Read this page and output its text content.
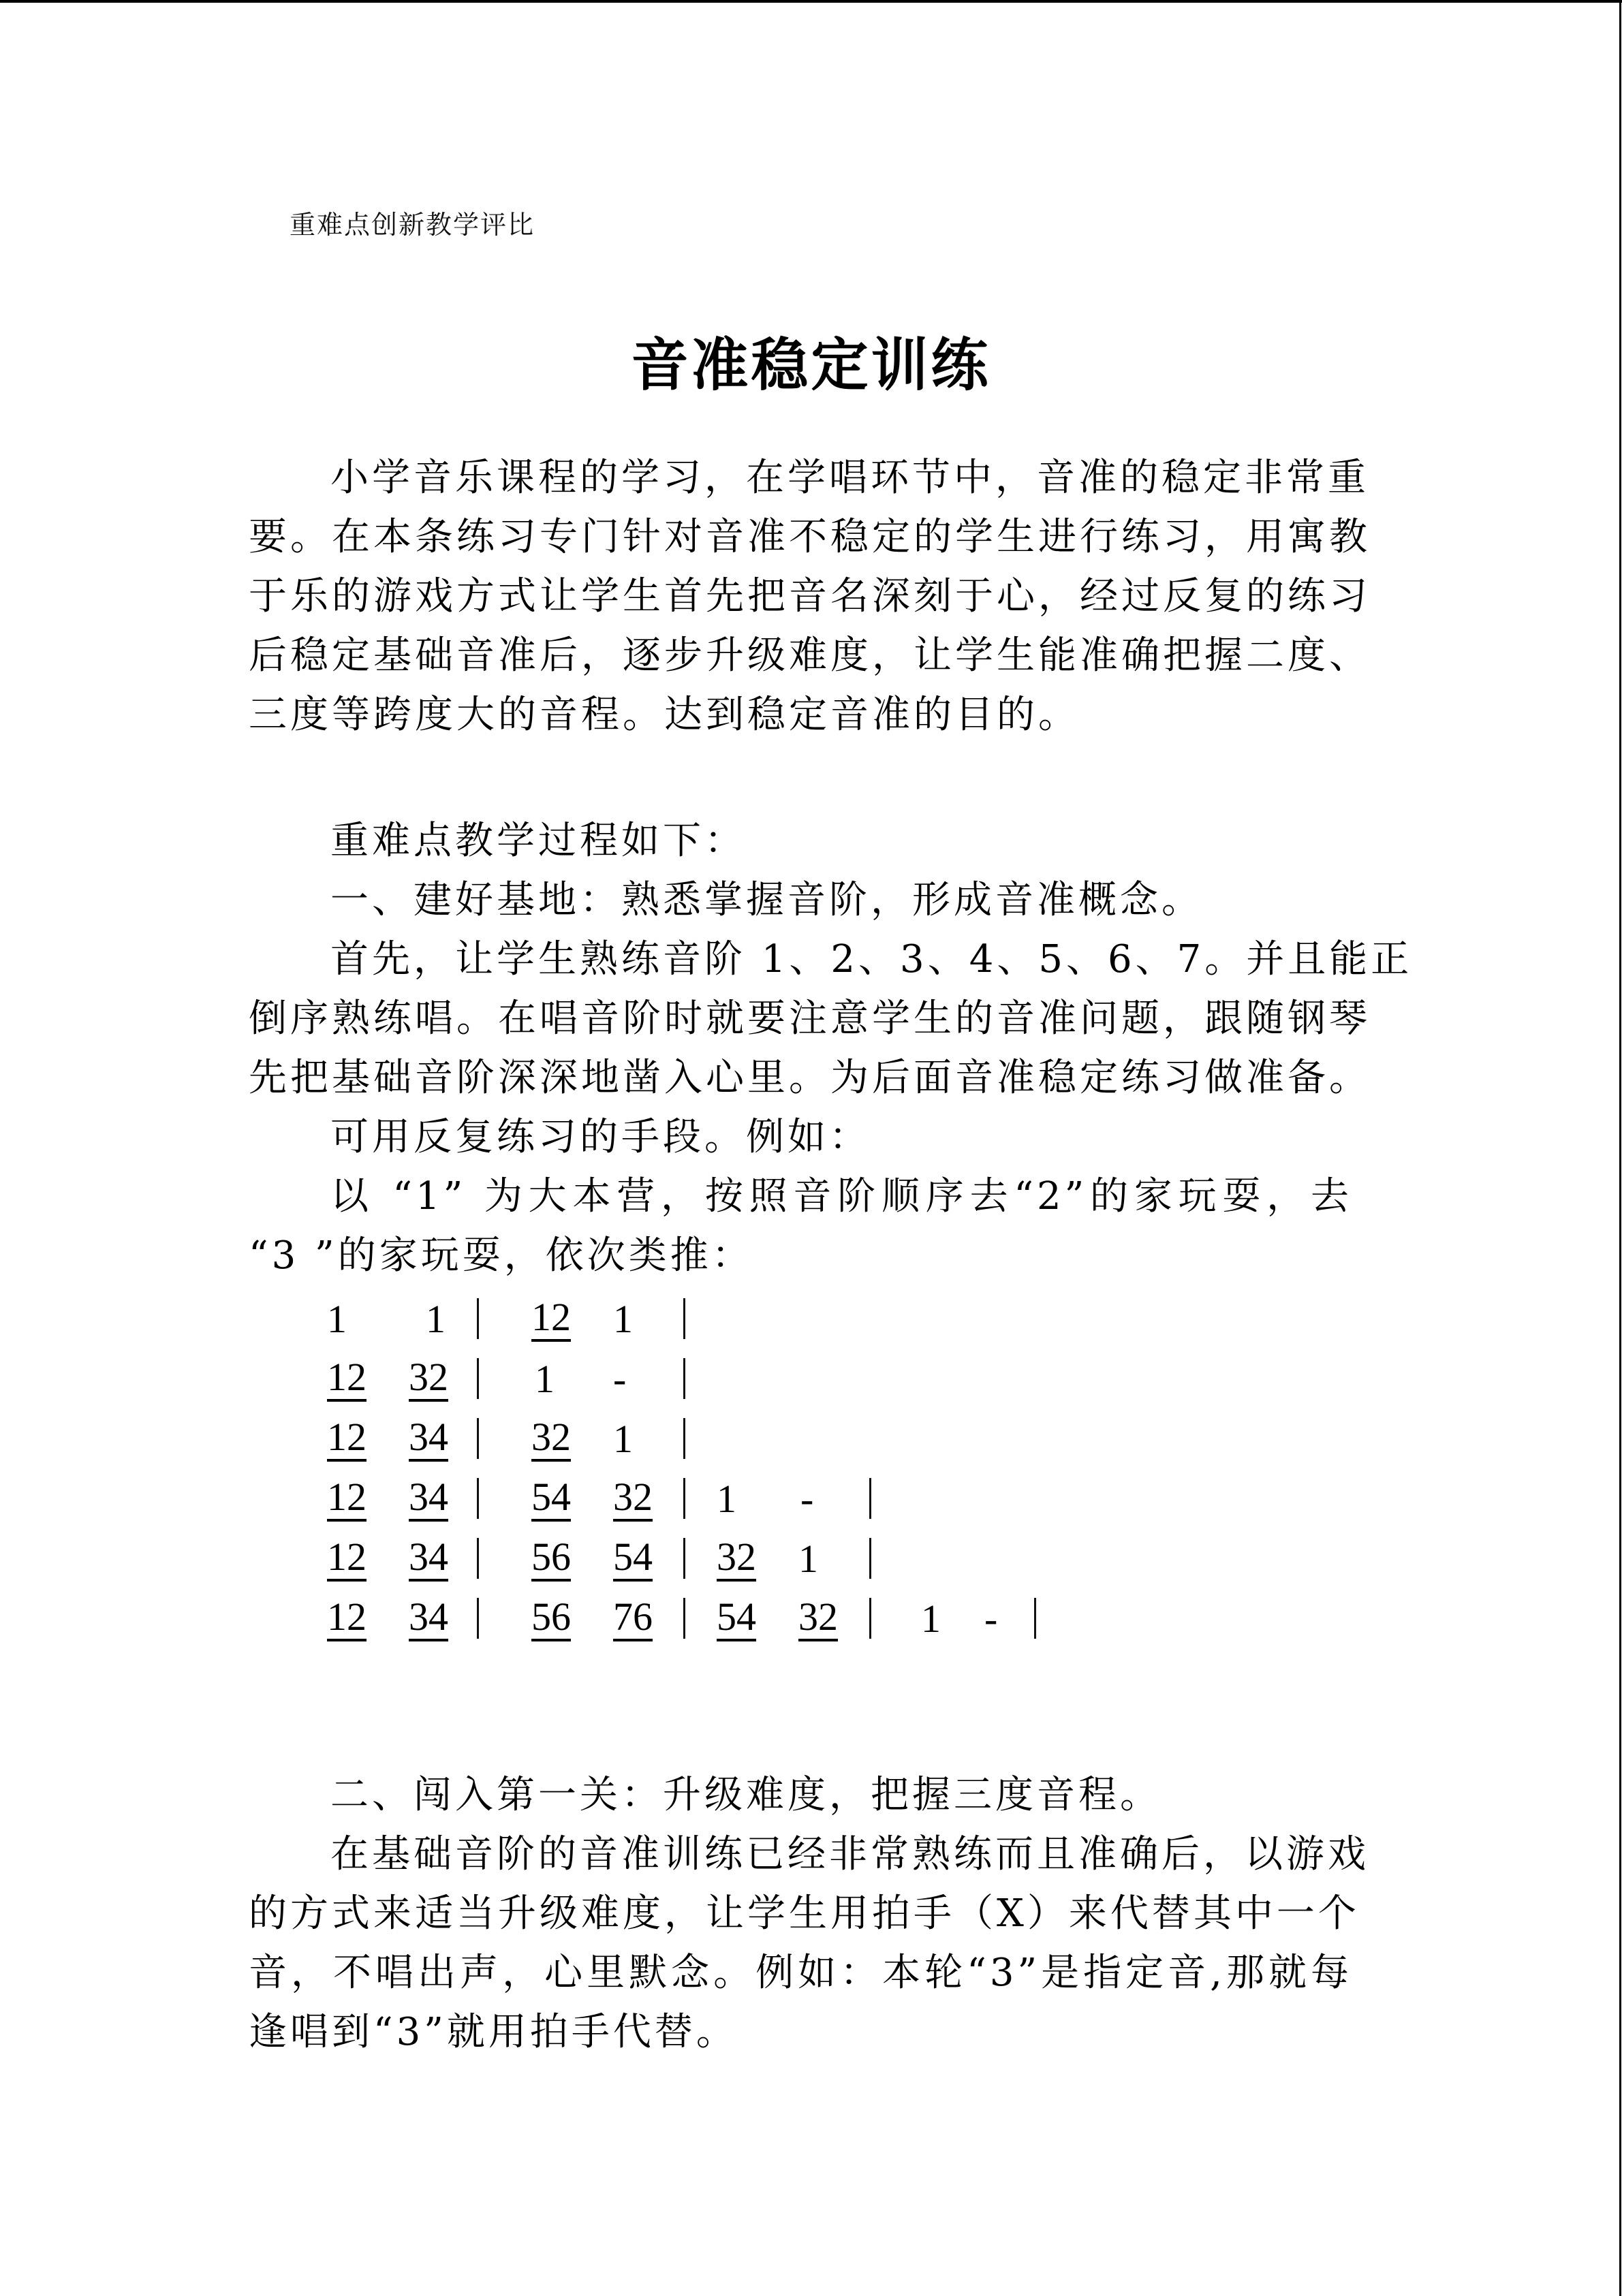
重难点创新教学评比
音准稳定训练
小学音乐课程的学习，在学唱环节中，音准的稳定非常重
要。在本条练习专门针对音准不稳定的学生进行练习，用寓教
于乐的游戏方式让学生首先把音名深刻于心，经过反复的练习
后稳定基础音准后，逐步升级难度，让学生能准确把握二度、
三度等跨度大的音程。达到稳定音准的目的。
重难点教学过程如下：
一、建好基地：熟悉掌握音阶，形成音准概念。
首先，让学生熟练音阶 1、2、3、4、5、6、7。并且能正
倒序熟练唱。在唱音阶时就要注意学生的音准问题，跟随钢琴
先把基础音阶深深地凿入心里。为后面音准稳定练习做准备。
可用反复练习的手段。例如：
以 “1” 为大本营，按照音阶顺序去“2”的家玩耍，去
“3 ”的家玩耍，依次类推：
1 1 12 1
12 32 1 -
12 34 32 1
12 34 54 32 1 -
12 34 56 54 32 1
12 34 56 76 54 32 1 -
二、闯入第一关：升级难度，把握三度音程。
在基础音阶的音准训练已经非常熟练而且准确后，以游戏
的方式来适当升级难度，让学生用拍手（X）来代替其中一个
音，不唱出声，心里默念。例如：本轮“3”是指定音,那就每
逢唱到“3”就用拍手代替。
